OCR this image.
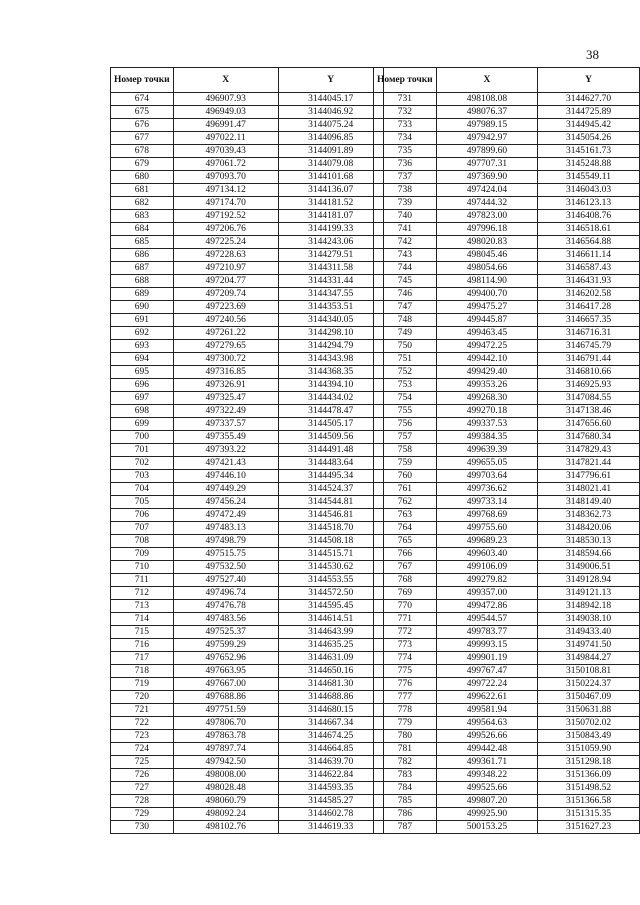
38
Номер точки	X	Y
674	496907.93	3144045.17
675	496949.03	3144046.92
676	496991.47	3144075.24
677	497022.11	3144096.85
678	497039.43	3144091.89
679	497061.72	3144079.08
680	497093.70	3144101.68
681	497134.12	3144136.07
682	497174.70	3144181.52
683	497192.52	3144181.07
684	497206.76	3144199.33
685	497225.24	3144243.06
686	497228.63	3144279.51
687	497210.97	3144311.58
688	497204.77	3144331.44
689	497209.74	3144347.55
690	497223.69	3144353.51
691	497240.56	3144340.05
692	497261.22	3144298.10
693	497279.65	3144294.79
694	497300.72	3144343.98
695	497316.85	3144368.35
696	497326.91	3144394.10
697	497325.47	3144434.02
698	497322.49	3144478.47
699	497337.57	3144505.17
700	497355.49	3144509.56
701	497393.22	3144491.48
702	497421.43	3144483.64
703	497446.10	3144495.34
704	497449.29	3144524.37
705	497456.24	3144544.81
706	497472.49	3144546.81
707	497483.13	3144518.70
708	497498.79	3144508.18
709	497515.75	3144515.71
710	497532.50	3144530.62
711	497527.40	3144553.55
712	497496.74	3144572.50
713	497476.78	3144595.45
714	497483.56	3144614.51
715	497525.37	3144643.99
716	497599.29	3144635.25
717	497652.96	3144631.09
718	497663.95	3144650.16
719	497667.00	3144681.30
720	497688.86	3144688.86
721	497751.59	3144680.15
722	497806.70	3144667.34
723	497863.78	3144674.25
724	497897.74	3144664.85
725	497942.50	3144639.70
726	498008.00	3144622.84
727	498028.48	3144593.35
728	498060.79	3144585.27
729	498092.24	3144602.78
730	498102.76	3144619.33
Номер точки	X	Y
731	498108.08	3144627.70
732	498076.37	3144725.89
733	497989.15	3144945.42
734	497942.97	3145054.26
735	497899.60	3145161.73
736	497707.31	3145248.88
737	497369.90	3145549.11
738	497424.04	3146043.03
739	497444.32	3146123.13
740	497823.00	3146408.76
741	497996.18	3146518.61
742	498020.83	3146564.88
743	498045.46	3146611.14
744	498054.66	3146587.43
745	498114.90	3146431.93
746	499400.70	3146202.58
747	499475.27	3146417.28
748	499445.87	3146657.35
749	499463.45	3146716.31
750	499472.25	3146745.79
751	499442.10	3146791.44
752	499429.40	3146810.66
753	499353.26	3146925.93
754	499268.30	3147084.55
755	499270.18	3147138.46
756	499337.53	3147656.60
757	499384.35	3147680.34
758	499639.39	3147829.43
759	499655.05	3147821.44
760	499703.64	3147796.61
761	499736.62	3148021.41
762	499733.14	3148149.40
763	499768.69	3148362.73
764	499755.60	3148420.06
765	499689.23	3148530.13
766	499603.40	3148594.66
767	499106.09	3149006.51
768	499279.82	3149128.94
769	499357.00	3149121.13
770	499472.86	3148942.18
771	499544.57	3149038.10
772	499783.77	3149433.40
773	499993.15	3149741.50
774	499901.19	3149844.27
775	499767.47	3150108.81
776	499722.24	3150224.37
777	499622.61	3150467.09
778	499581.94	3150631.88
779	499564.63	3150702.02
780	499526.66	3150843.49
781	499442.48	3151059.90
782	499361.71	3151298.18
783	499348.22	3151366.09
784	499525.66	3151498.52
785	499807.20	3151366.58
786	499925.90	3151315.35
787	500153.25	3151627.23
